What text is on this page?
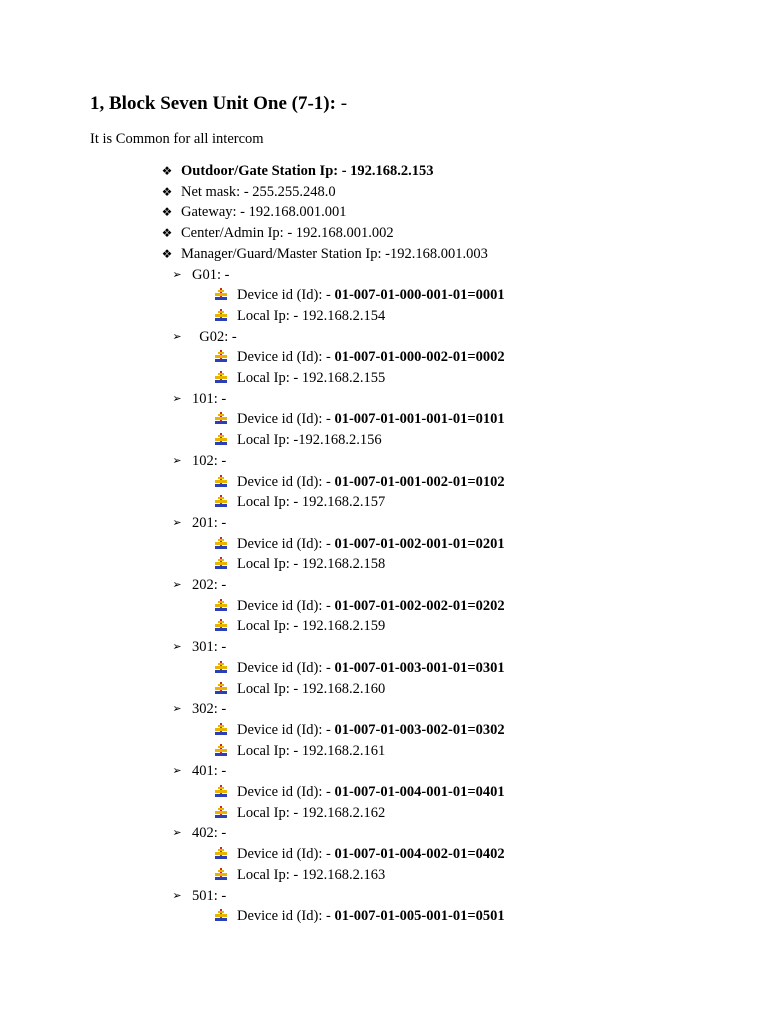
1, Block Seven Unit One (7-1): -
It is Common for all intercom
❖ Outdoor/Gate Station Ip: - 192.168.2.153
❖ Net mask: - 255.255.248.0
❖ Gateway: - 192.168.001.001
❖ Center/Admin Ip: - 192.168.001.002
❖ Manager/Guard/Master Station Ip: -192.168.001.003
➢ G01: -
Device id (Id): - 01-007-01-000-001-01=0001
Local Ip: - 192.168.2.154
➢ G02: -
Device id (Id): - 01-007-01-000-002-01=0002
Local Ip: - 192.168.2.155
➢ 101: -
Device id (Id): - 01-007-01-001-001-01=0101
Local Ip: -192.168.2.156
➢ 102: -
Device id (Id): - 01-007-01-001-002-01=0102
Local Ip: - 192.168.2.157
➢ 201: -
Device id (Id): - 01-007-01-002-001-01=0201
Local Ip: - 192.168.2.158
➢ 202: -
Device id (Id): - 01-007-01-002-002-01=0202
Local Ip: - 192.168.2.159
➢ 301: -
Device id (Id): - 01-007-01-003-001-01=0301
Local Ip: - 192.168.2.160
➢ 302: -
Device id (Id): - 01-007-01-003-002-01=0302
Local Ip: - 192.168.2.161
➢ 401: -
Device id (Id): - 01-007-01-004-001-01=0401
Local Ip: - 192.168.2.162
➢ 402: -
Device id (Id): - 01-007-01-004-002-01=0402
Local Ip: - 192.168.2.163
➢ 501: -
Device id (Id): - 01-007-01-005-001-01=0501
